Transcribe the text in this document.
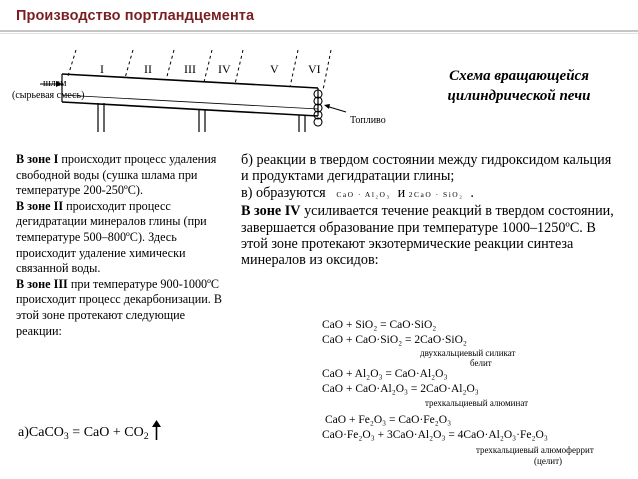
Производство портландцемента
I	II	III IV	V VI
шлам
(сырьевая смесь)
Топливо
Схема вращающейся цилиндрической печи

В зоне I происходит процесс удаления свободной воды (сушка шлама при температуре 200-250ºС).

В зоне II происходит процесс дегидратации минералов глины (при температуре 500–800ºС). Здесь происходит удаление химически связанной воды.

В зоне III при температуре 900-1000ºС происходит процесс декарбонизации. В этой зоне протекают следующие реакции:

а)CaCO$_3$ = CaO + $CO_2$

б) реакции в твердом состоянии между гидроксидом кальция и продуктами дегидратации глины;

в) образуются CaO · Al₂O₃ и 2CaO · SiO₂ .

В зоне IV усиливается течение реакций в твердом состоянии, завершается образование при температуре 1000–1250ºС. В этой зоне протекают экзотермические реакции синтеза минералов из оксидов:

CaO + SiO₂ = CaO·SiO₂
CaO + CaO·SiO₂ = 2CaO·SiO₂
двухкальциевый силикат
белит
CaO + Al₂O₃ = CaO·Al₂O₃
CaO + CaO·Al₂O₃ = 2CaO·Al₂O₃
трехкальциевый алюминат
CaO + Fe₂O₃ = CaO·Fe₂O₃
CaO·Fe₂O₃ + 3CaO·Al₂O₃ = 4CaO·Al₂O₃·Fe₂O₃
трехкальциевый алюмоферрит
(целит)
